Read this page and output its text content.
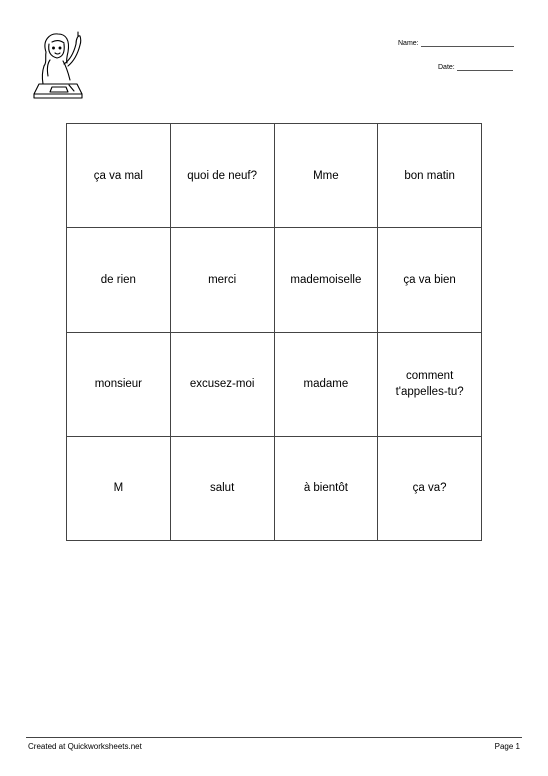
Name:
Date:
ça va mal	quoi de neuf?	Mme	bon matin
de rien	merci	mademoiselle	ça va bien
monsieur	excusez-moi	madame	comment t'appelles-tu?
M	salut	à bientôt	ça va?
Created at Quickworksheets.net	Page 1
